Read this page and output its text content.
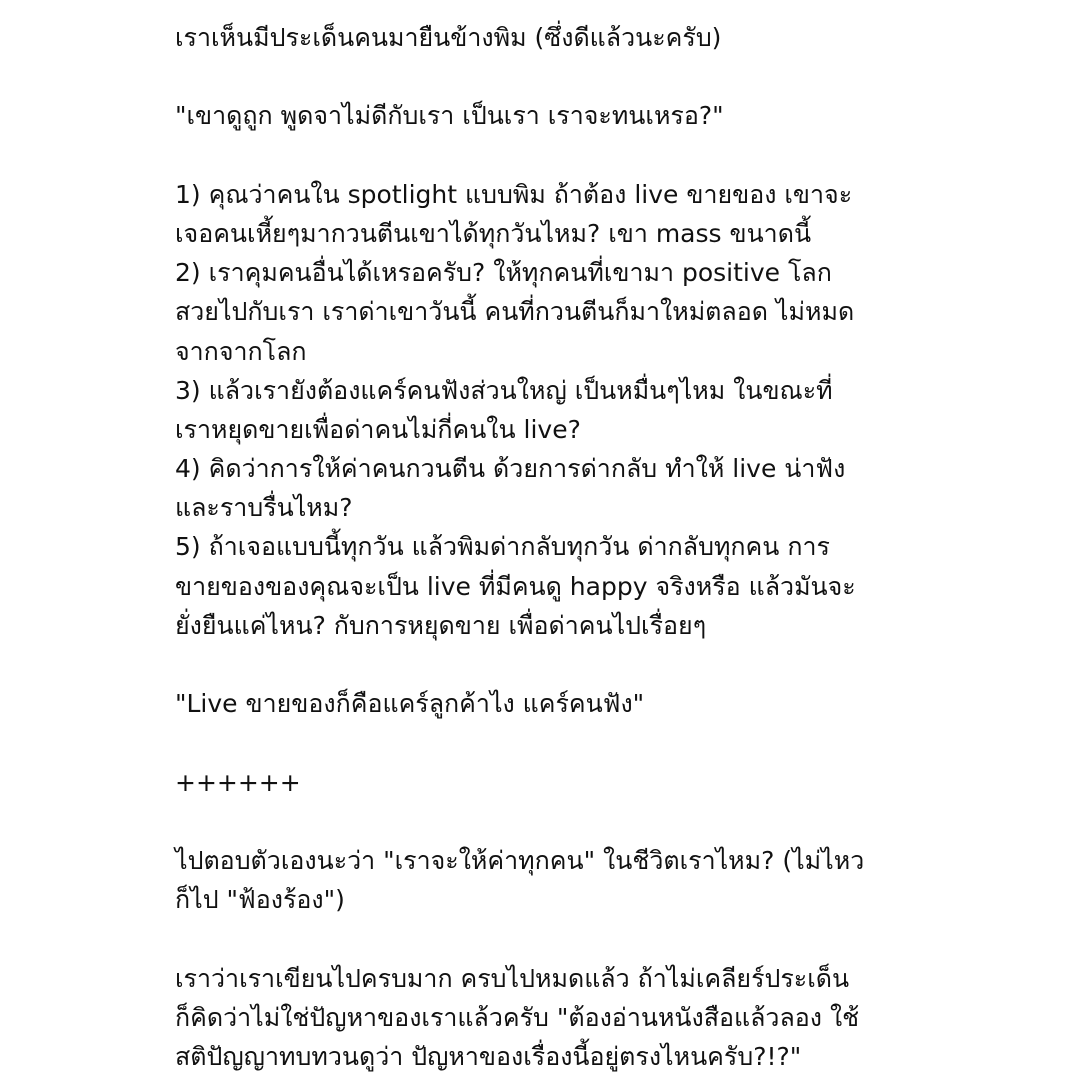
เราเห็นมีประเด็นคนมายืนข้างพิม (ซึ่งดีแล้วนะครับ)
"เขาดูถูก พูดจาไม่ดีกับเรา เป็นเรา เราจะทนเหรอ?"
1) คุณว่าคนใน spotlight แบบพิม ถ้าต้อง live ขายของ เขาจะ
เจอคนเหี้ยๆมากวนตีนเขาได้ทุกวันไหม? เขา mass ขนาดนี้
2) เราคุมคนอื่นได้เหรอครับ? ให้ทุกคนที่เขามา positive โลก
สวยไปกับเรา เราด่าเขาวันนี้ คนที่กวนตีนก็มาใหม่ตลอด ไม่หมด
จากจากโลก
3) แล้วเรายังต้องแคร์คนฟังส่วนใหญ่ เป็นหมื่นๆไหม ในขณะที่
เราหยุดขายเพื่อด่าคนไม่กี่คนใน live?
4) คิดว่าการให้ค่าคนกวนตีน ด้วยการด่ากลับ ทำให้ live น่าฟัง
และราบรื่นไหม?
5) ถ้าเจอแบบนี้ทุกวัน แล้วพิมด่ากลับทุกวัน ด่ากลับทุกคน การ
ขายของของคุณจะเป็น live ที่มีคนดู happy จริงหรือ แล้วมันจะ
ยั่งยืนแค่ไหน? กับการหยุดขาย เพื่อด่าคนไปเรื่อยๆ
"Live ขายของก็คือแคร์ลูกค้าไง แคร์คนฟัง"
++++++
ไปตอบตัวเองนะว่า "เราจะให้ค่าทุกคน" ในชีวิตเราไหม? (ไม่ไหว
ก็ไป "ฟ้องร้อง")
เราว่าเราเขียนไปครบมาก ครบไปหมดแล้ว ถ้าไม่เคลียร์ประเด็น
ก็คิดว่าไม่ใช่ปัญหาของเราแล้วครับ "ต้องอ่านหนังสือแล้วลอง ใช้
สติปัญญาทบทวนดูว่า ปัญหาของเรื่องนี้อยู่ตรงไหนครับ?!?"
